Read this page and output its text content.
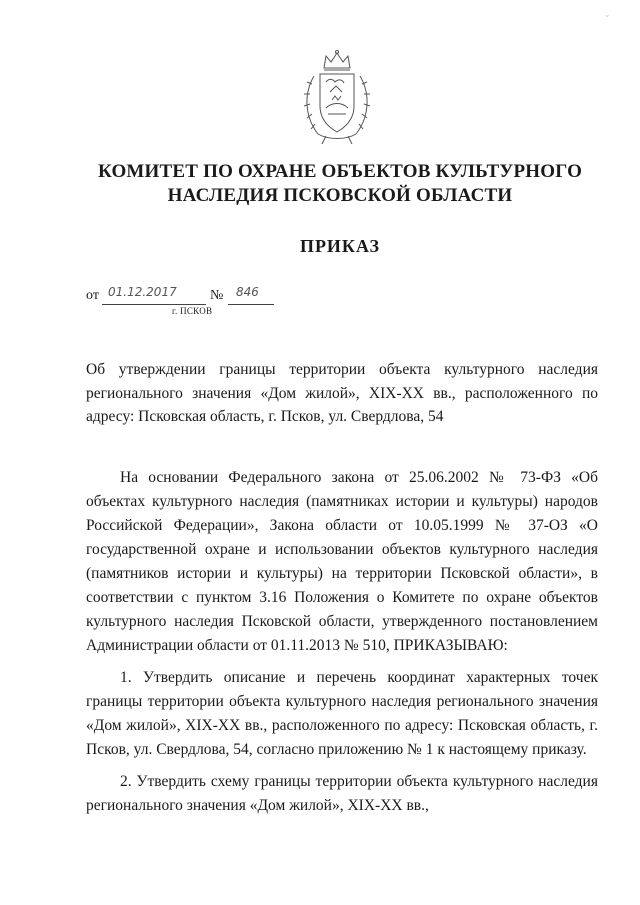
ˇ
КОМИТЕТ ПО ОХРАНЕ ОБЪЕКТОВ КУЛЬТУРНОГО
НАСЛЕДИЯ ПСКОВСКОЙ ОБЛАСТИ
ПРИКАЗ
от 01.12.2017 № 846
г. ПСКОВ
Об утверждении границы территории объекта культурного наследия регионального значения «Дом жилой», XIX-XX вв., расположенного по адресу: Псковская область, г. Псков, ул. Свердлова, 54

На основании Федерального закона от 25.06.2002 № 73-ФЗ «Об объектах культурного наследия (памятниках истории и культуры) народов Российской Федерации», Закона области от 10.05.1999 № 37-ОЗ «О государственной охране и использовании объектов культурного наследия (памятников истории и культуры) на территории Псковской области», в соответствии с пунктом 3.16 Положения о Комитете по охране объектов культурного наследия Псковской области, утвержденного постановлением Администрации области от 01.11.2013 № 510, ПРИКАЗЫВАЮ:

1. Утвердить описание и перечень координат характерных точек границы территории объекта культурного наследия регионального значения «Дом жилой», XIX-XX вв., расположенного по адресу: Псковская область, г. Псков, ул. Свердлова, 54, согласно приложению № 1 к настоящему приказу.

2. Утвердить схему границы территории объекта культурного наследия регионального значения «Дом жилой», XIX-XX вв.,
